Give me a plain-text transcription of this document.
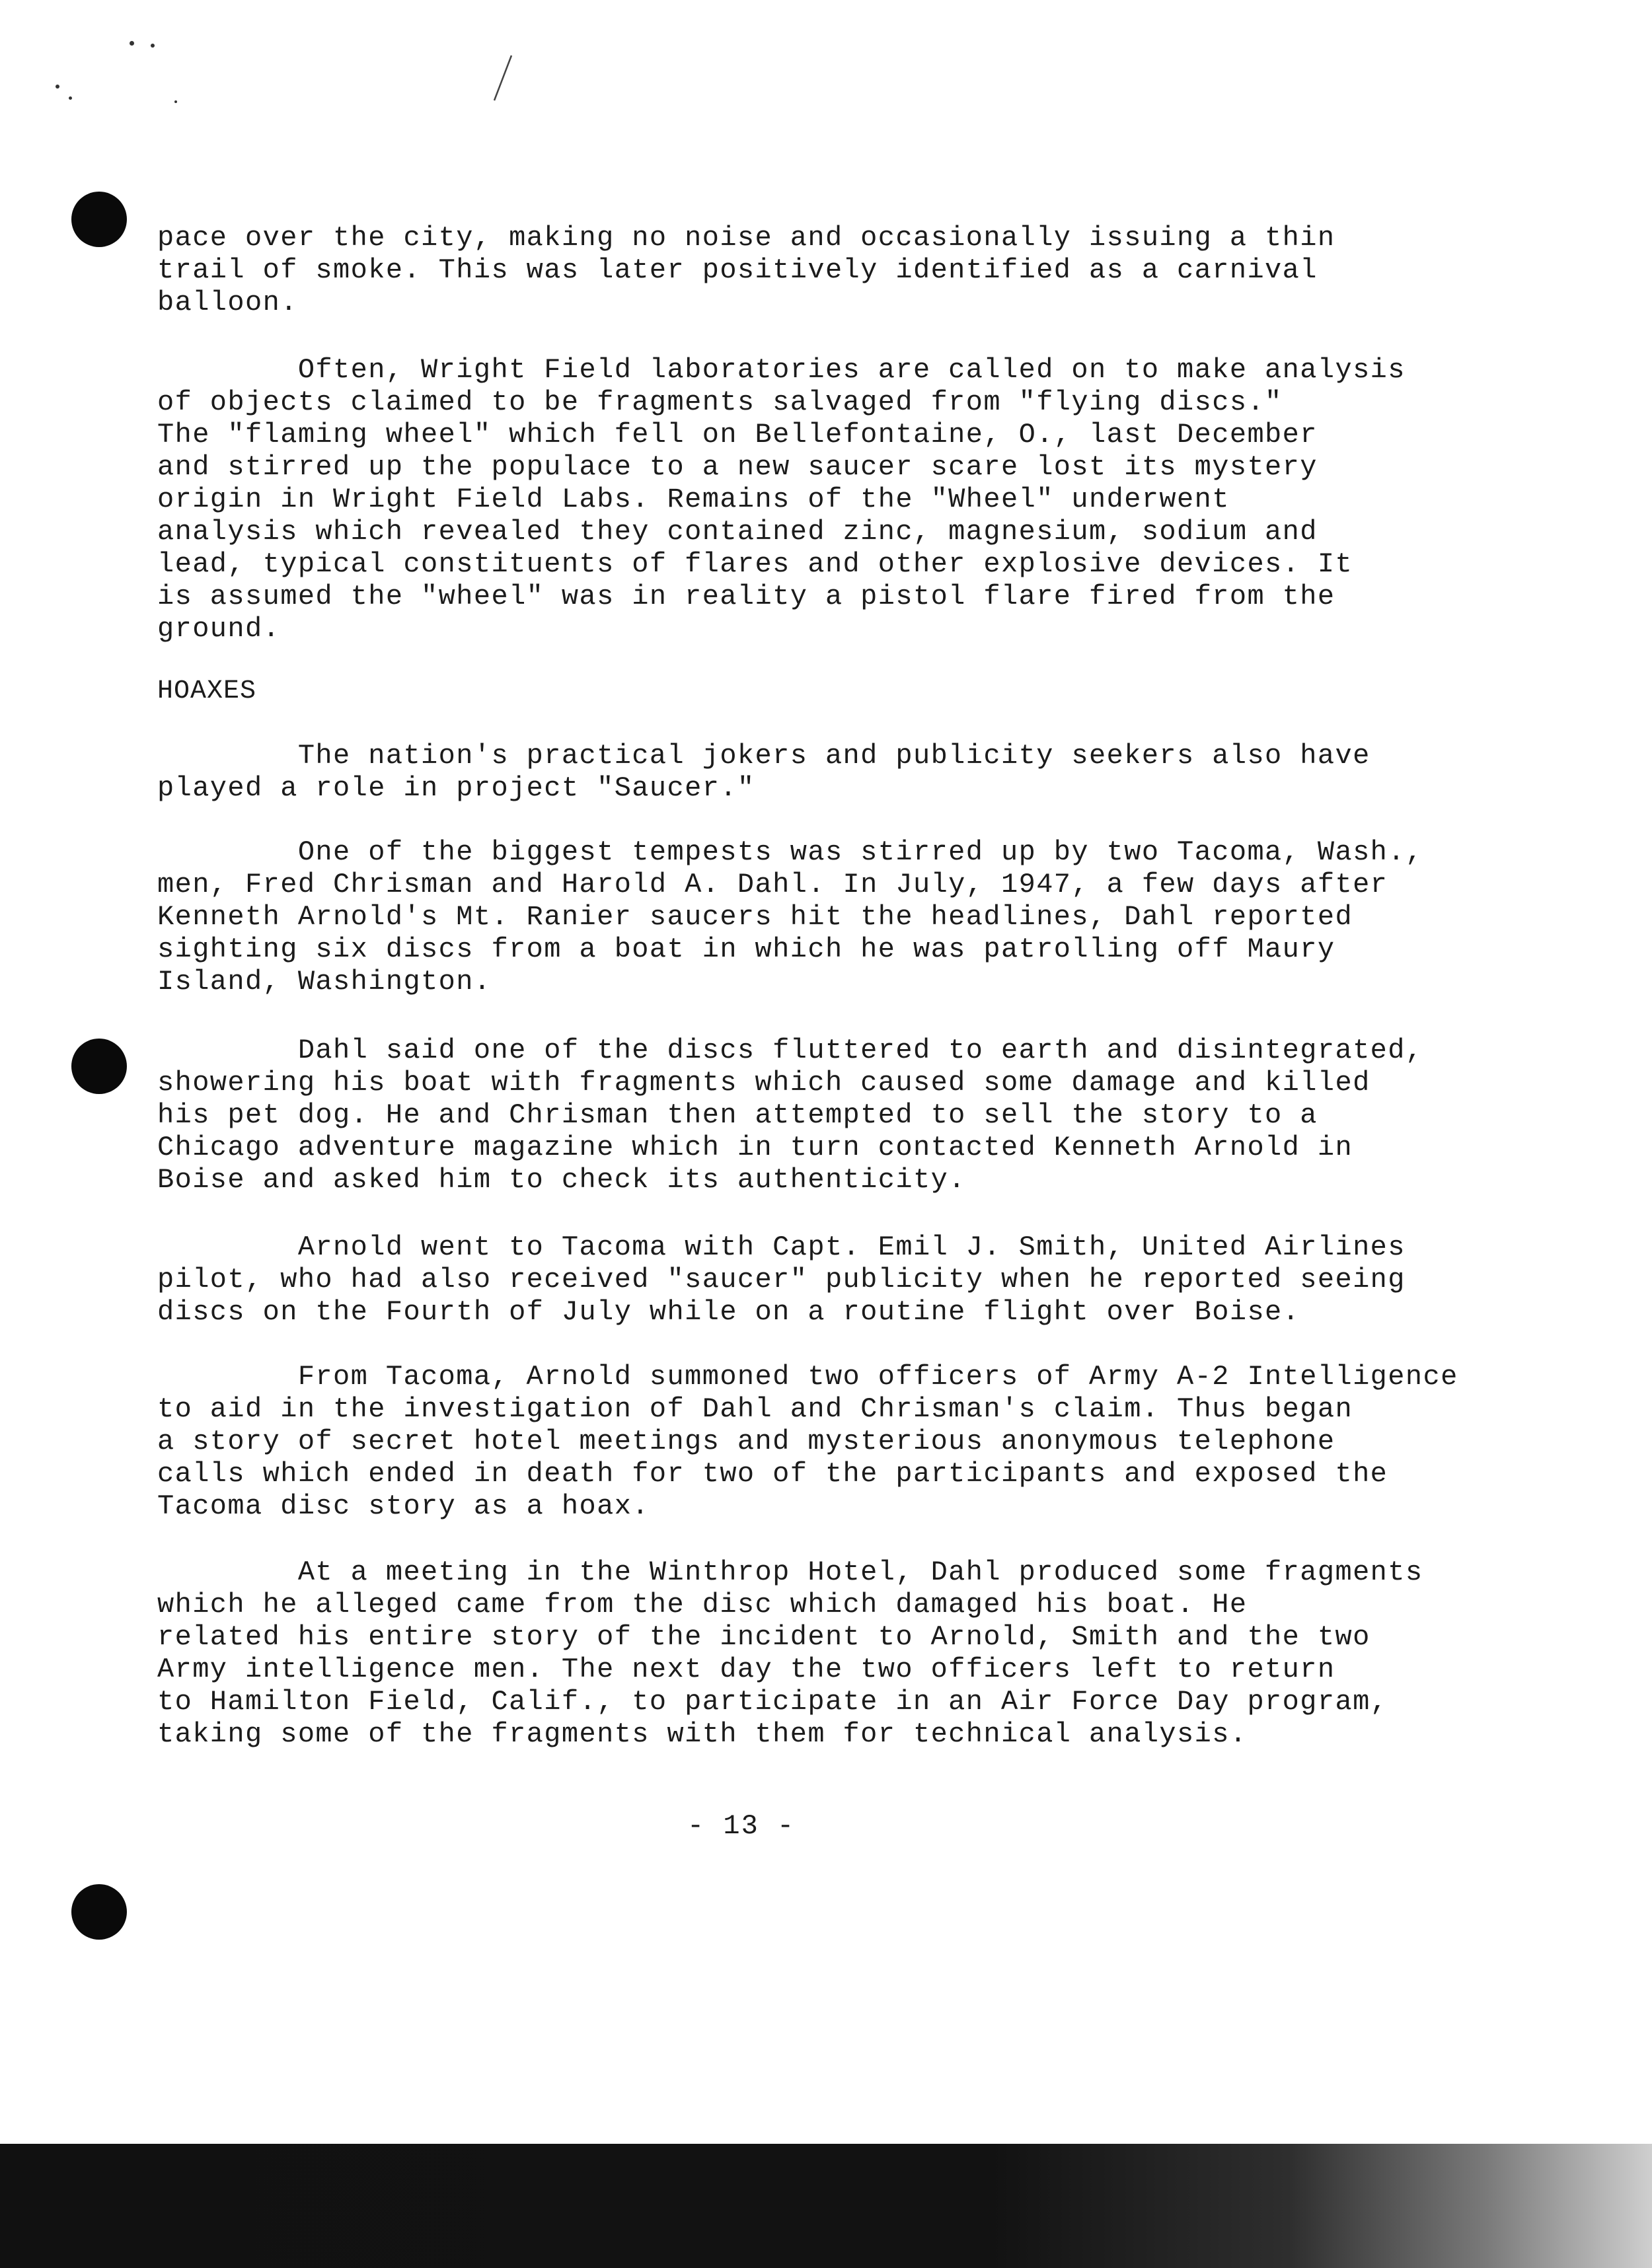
pace over the city, making no noise and occasionally issuing a thin
trail of smoke. This was later positively identified as a carnival
balloon.
Often, Wright Field laboratories are called on to make analysis
of objects claimed to be fragments salvaged from "flying discs."
The "flaming wheel" which fell on Bellefontaine, O., last December
and stirred up the populace to a new saucer scare lost its mystery
origin in Wright Field Labs. Remains of the "Wheel" underwent
analysis which revealed they contained zinc, magnesium, sodium and
lead, typical constituents of flares and other explosive devices. It
is assumed the "wheel" was in reality a pistol flare fired from the
ground.
HOAXES
The nation's practical jokers and publicity seekers also have
played a role in project "Saucer."
One of the biggest tempests was stirred up by two Tacoma, Wash.,
men, Fred Chrisman and Harold A. Dahl. In July, 1947, a few days after
Kenneth Arnold's Mt. Ranier saucers hit the headlines, Dahl reported
sighting six discs from a boat in which he was patrolling off Maury
Island, Washington.
Dahl said one of the discs fluttered to earth and disintegrated,
showering his boat with fragments which caused some damage and killed
his pet dog. He and Chrisman then attempted to sell the story to a
Chicago adventure magazine which in turn contacted Kenneth Arnold in
Boise and asked him to check its authenticity.
Arnold went to Tacoma with Capt. Emil J. Smith, United Airlines
pilot, who had also received "saucer" publicity when he reported seeing
discs on the Fourth of July while on a routine flight over Boise.
From Tacoma, Arnold summoned two officers of Army A-2 Intelligence
to aid in the investigation of Dahl and Chrisman's claim. Thus began
a story of secret hotel meetings and mysterious anonymous telephone
calls which ended in death for two of the participants and exposed the
Tacoma disc story as a hoax.
At a meeting in the Winthrop Hotel, Dahl produced some fragments
which he alleged came from the disc which damaged his boat. He
related his entire story of the incident to Arnold, Smith and the two
Army intelligence men. The next day the two officers left to return
to Hamilton Field, Calif., to participate in an Air Force Day program,
taking some of the fragments with them for technical analysis.
- 13 -
